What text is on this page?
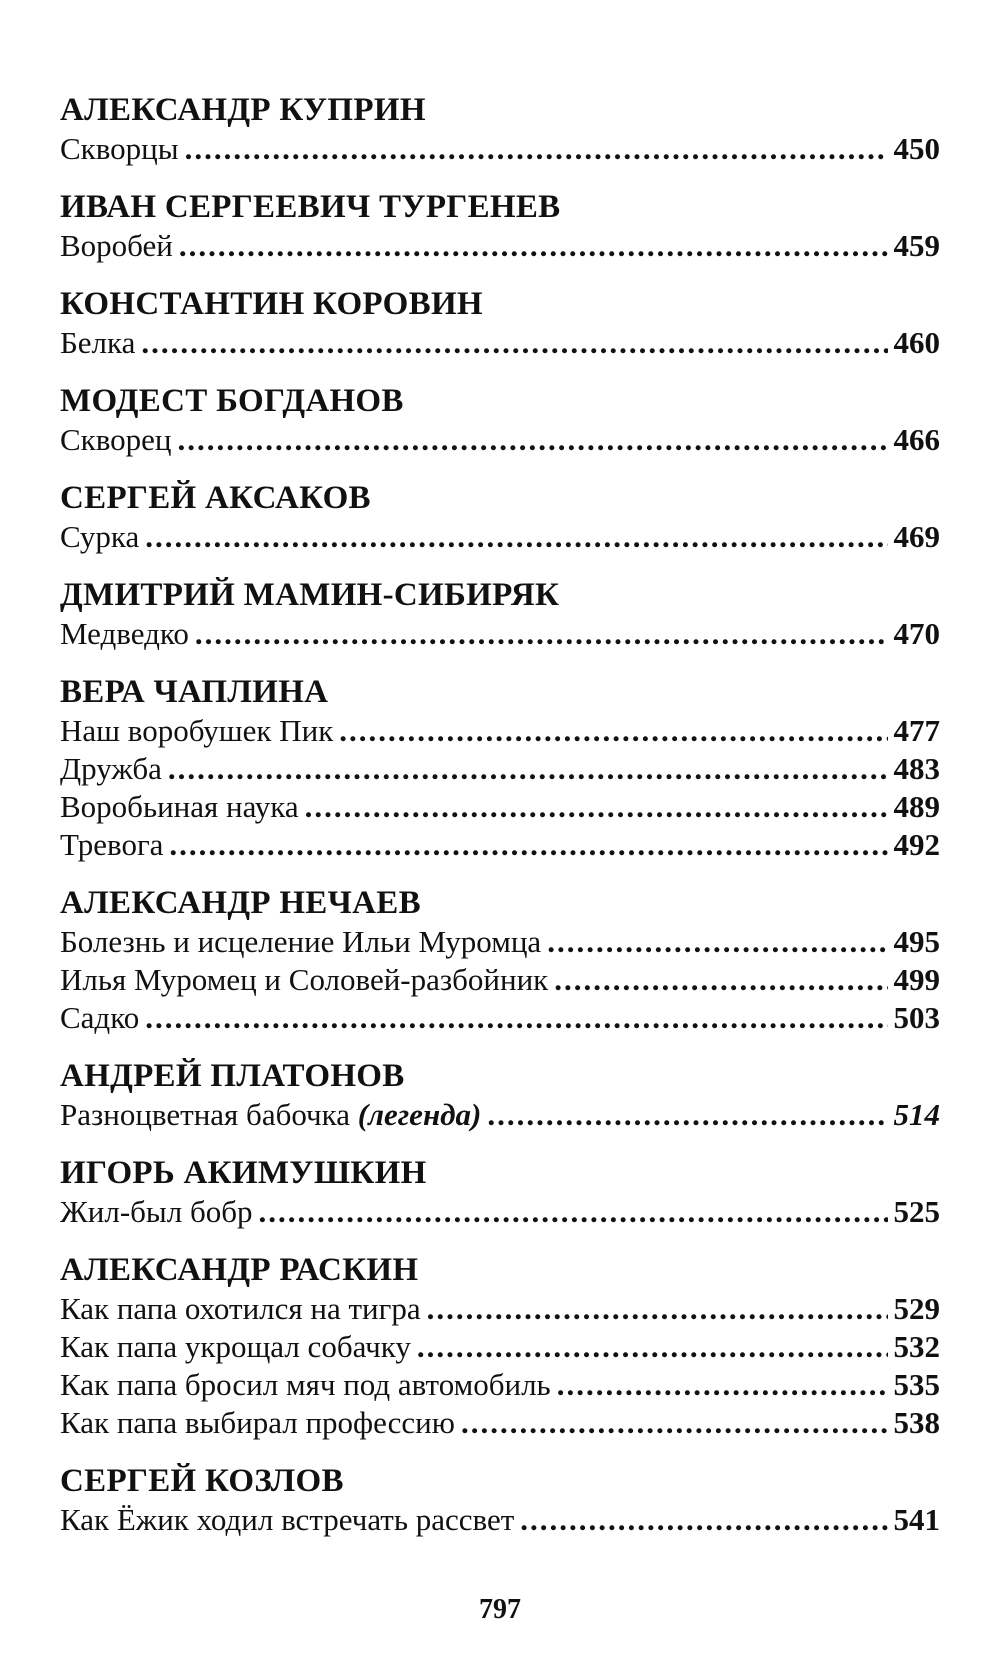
АЛЕКСАНДР КУПРИН
Скворцы .....	450
ИВАН СЕРГЕЕВИЧ ТУРГЕНЕВ
Воробей .....	459
КОНСТАНТИН КОРОВИН
Белка .....	460
МОДЕСТ БОГДАНОВ
Скворец .....	466
СЕРГЕЙ АКСАКОВ
Сурка .....	469
ДМИТРИЙ МАМИН-СИБИРЯК
Медведко .....	470
ВЕРА ЧАПЛИНА
Наш воробушек Пик .....	477
Дружба .....	483
Воробьиная наука .....	489
Тревога .....	492
АЛЕКСАНДР НЕЧАЕВ
Болезнь и исцеление Ильи Муромца .....	495
Илья Муромец и Соловей-разбойник .....	499
Садко .....	503
АНДРЕЙ ПЛАТОНОВ
Разноцветная бабочка (легенда) .....	514
ИГОРЬ АКИМУШКИН
Жил-был бобр .....	525
АЛЕКСАНДР РАСКИН
Как папа охотился на тигра .....	529
Как папа укрощал собачку .....	532
Как папа бросил мяч под автомобиль .....	535
Как папа выбирал профессию .....	538
СЕРГЕЙ КОЗЛОВ
Как Ёжик ходил встречать рассвет .....	541
797
